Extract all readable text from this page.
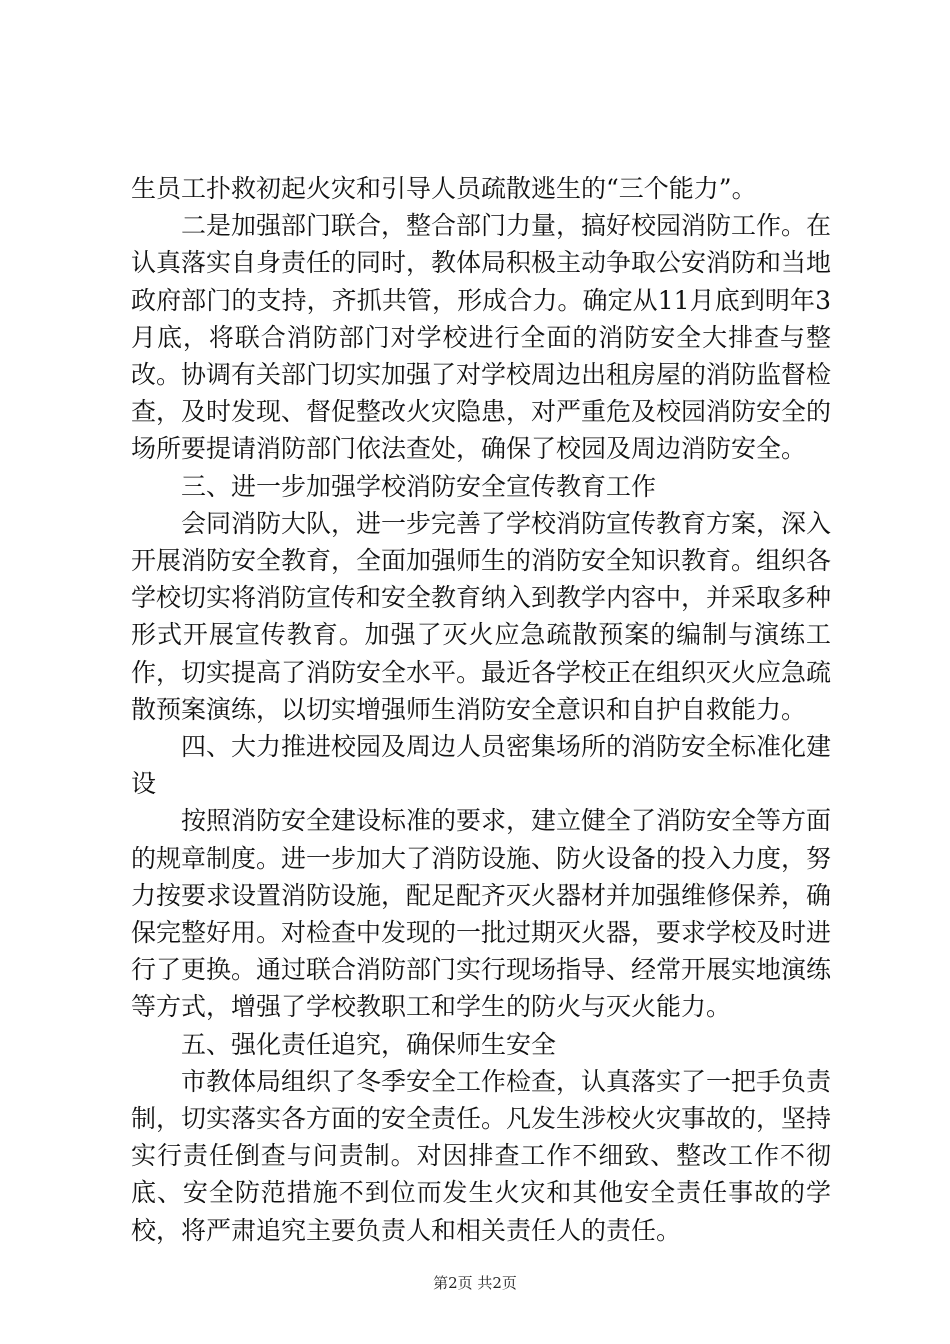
生员工扑救初起火灾和引导人员疏散逃生的“三个能力”。

二是加强部门联合，整合部门力量，搞好校园消防工作。在认真落实自身责任的同时，教体局积极主动争取公安消防和当地政府部门的支持，齐抓共管，形成合力。确定从11月底到明年3月底，将联合消防部门对学校进行全面的消防安全大排查与整改。协调有关部门切实加强了对学校周边出租房屋的消防监督检查，及时发现、督促整改火灾隐患，对严重危及校园消防安全的场所要提请消防部门依法查处，确保了校园及周边消防安全。

三、进一步加强学校消防安全宣传教育工作

会同消防大队，进一步完善了学校消防宣传教育方案，深入开展消防安全教育，全面加强师生的消防安全知识教育。组织各学校切实将消防宣传和安全教育纳入到教学内容中，并采取多种形式开展宣传教育。加强了灭火应急疏散预案的编制与演练工作，切实提高了消防安全水平。最近各学校正在组织灭火应急疏散预案演练，以切实增强师生消防安全意识和自护自救能力。

四、大力推进校园及周边人员密集场所的消防安全标准化建设

按照消防安全建设标准的要求，建立健全了消防安全等方面的规章制度。进一步加大了消防设施、防火设备的投入力度，努力按要求设置消防设施，配足配齐灭火器材并加强维修保养，确保完整好用。对检查中发现的一批过期灭火器，要求学校及时进行了更换。通过联合消防部门实行现场指导、经常开展实地演练等方式，增强了学校教职工和学生的防火与灭火能力。

五、强化责任追究，确保师生安全

市教体局组织了冬季安全工作检查，认真落实了一把手负责制，切实落实各方面的安全责任。凡发生涉校火灾事故的，坚持实行责任倒查与问责制。对因排查工作不细致、整改工作不彻底、安全防范措施不到位而发生火灾和其他安全责任事故的学校，将严肃追究主要负责人和相关责任人的责任。

第2页 共2页
